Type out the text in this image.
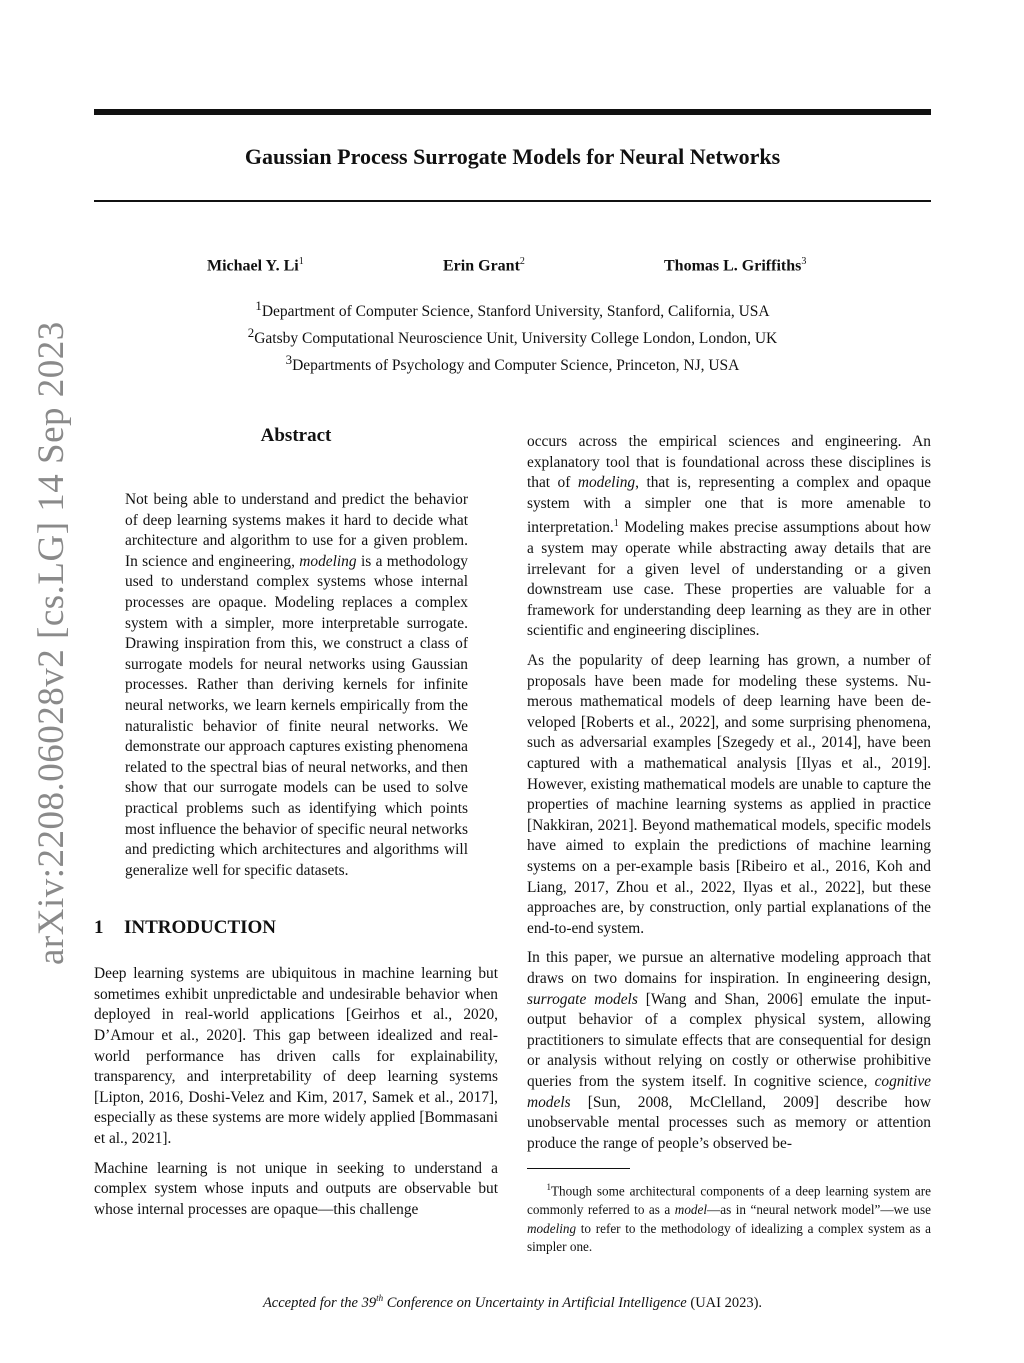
Gaussian Process Surrogate Models for Neural Networks
Michael Y. Li$^1$	Erin Grant$^2$	Thomas L. Griffiths$^3$
$^1$Department of Computer Science, Stanford University, Stanford, California, USA
$^2$Gatsby Computational Neuroscience Unit, University College London, London, UK
$^3$Departments of Psychology and Computer Science, Princeton, NJ, USA
arXiv:2208.06028v2 [cs.LG] 14 Sep 2023	Abstract

Not being able to understand and predict the behavior of deep learning systems makes it hard to decide what architecture and algorithm to use for a given problem. In science and engineering, modeling is a methodology used to understand complex systems whose internal processes are opaque. Modeling replaces a complex system with a simpler, more interpretable surrogate. Drawing inspiration from this, we construct a class of surrogate models for neural networks using Gaussian processes. Rather than deriving kernels for infinite neural networks, we learn kernels empirically from the naturalistic behavior of finite neural networks. We demonstrate our approach captures existing phenomena related to the spectral bias of neural networks, and then show that our surrogate models can be used to solve practical problems such as identifying which points most influence the behavior of specific neural networks and predicting which architectures and algorithms will generalize well for specific datasets.

1 INTRODUCTION

Deep learning systems are ubiquitous in machine learning but sometimes exhibit unpredictable and undesirable behavior when deployed in real-world applications [Geirhos et al., 2020, D’Amour et al., 2020]. This gap between idealized and real-world performance has driven calls for explainability, transparency, and interpretability of deep learning systems [Lipton, 2016, Doshi-Velez and Kim, 2017, Samek et al., 2017], especially as these systems are more widely applied [Bommasani et al., 2021].

Machine learning is not unique in seeking to understand a complex system whose inputs and outputs are observable but whose internal processes are opaque—this challenge

occurs across the empirical sciences and engineering. An explanatory tool that is foundational across these disciplines is that of modeling, that is, representing a complex and opaque system with a simpler one that is more amenable to interpretation.$^1$ Modeling makes precise assumptions about how a system may operate while abstracting away details that are irrelevant for a given level of understanding or a given downstream use case. These properties are valuable for a framework for understanding deep learning as they are in other scientific and engineering disciplines.

As the popularity of deep learning has grown, a number of proposals have been made for modeling these systems. Numerous mathematical models of deep learning have been developed [Roberts et al., 2022], and some surprising phenomena, such as adversarial examples [Szegedy et al., 2014], have been captured with a mathematical analysis [Ilyas et al., 2019]. However, existing mathematical models are unable to capture the properties of machine learning systems as applied in practice [Nakkiran, 2021]. Beyond mathematical models, specific models have aimed to explain the predictions of machine learning systems on a per-example basis [Ribeiro et al., 2016, Koh and Liang, 2017, Zhou et al., 2022, Ilyas et al., 2022], but these approaches are, by construction, only partial explanations of the end-to-end system.

In this paper, we pursue an alternative modeling approach that draws on two domains for inspiration. In engineering design, surrogate models [Wang and Shan, 2006] emulate the input-output behavior of a complex physical system, allowing practitioners to simulate effects that are consequential for design or analysis without relying on costly or otherwise prohibitive queries from the system itself. In cognitive science, cognitive models [Sun, 2008, McClelland, 2009] describe how unobservable mental processes such as memory or attention produce the range of people’s observed be-

$^1$Though some architectural components of a deep learning system are commonly referred to as a model—as in “neural network model”—we use modeling to refer to the methodology of idealizing a complex system as a simpler one.

Accepted for the 39th Conference on Uncertainty in Artificial Intelligence (UAI 2023).
